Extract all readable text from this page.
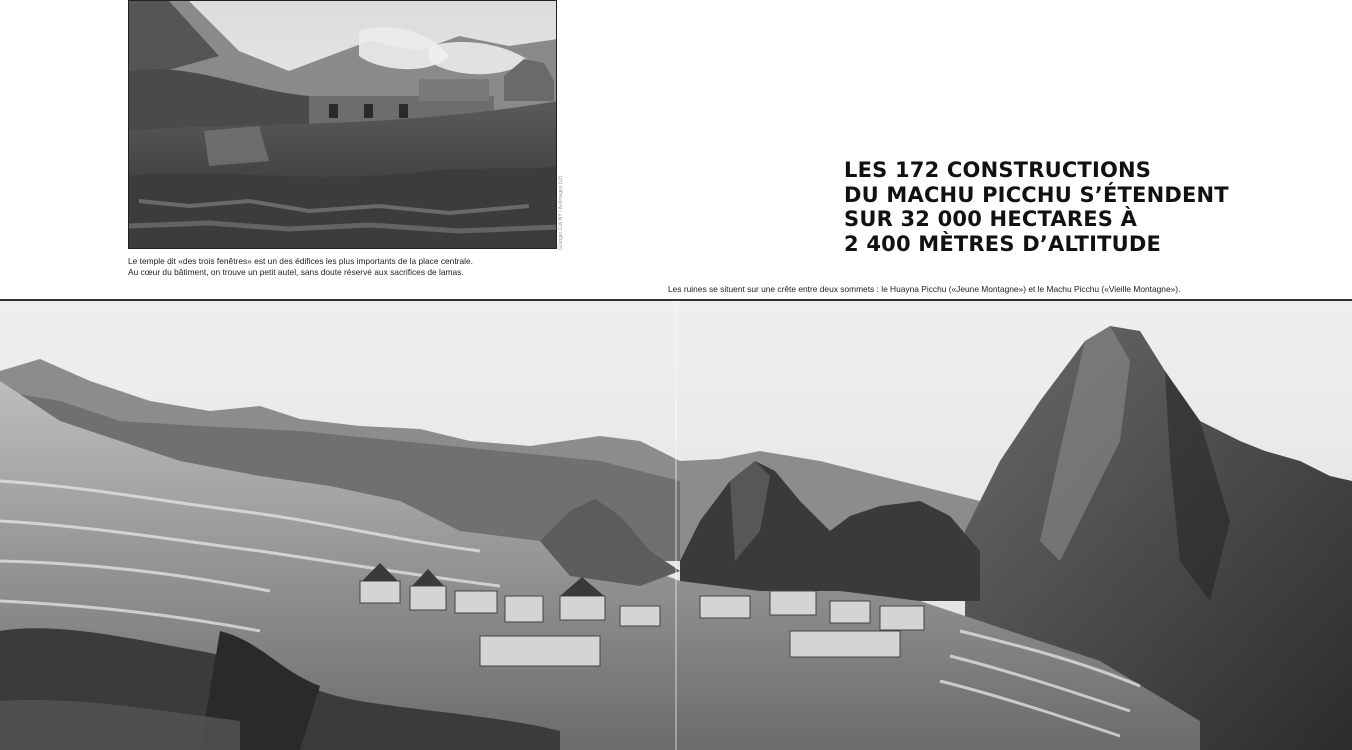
Granger Coll NY / Aurimages (x2)
Le temple dit «des trois fenêtres» est un des édifices les plus importants de la place centrale.
Au cœur du bâtiment, on trouve un petit autel, sans doute réservé aux sacrifices de lamas.
LES 172 CONSTRUCTIONS
DU MACHU PICCHU S’ÉTENDENT
SUR 32 000 HECTARES À
2 400 MÈTRES D’ALTITUDE
Les ruines se situent sur une crête entre deux sommets : le Huayna Picchu («Jeune Montagne») et le Machu Picchu («Vieille Montagne»).
